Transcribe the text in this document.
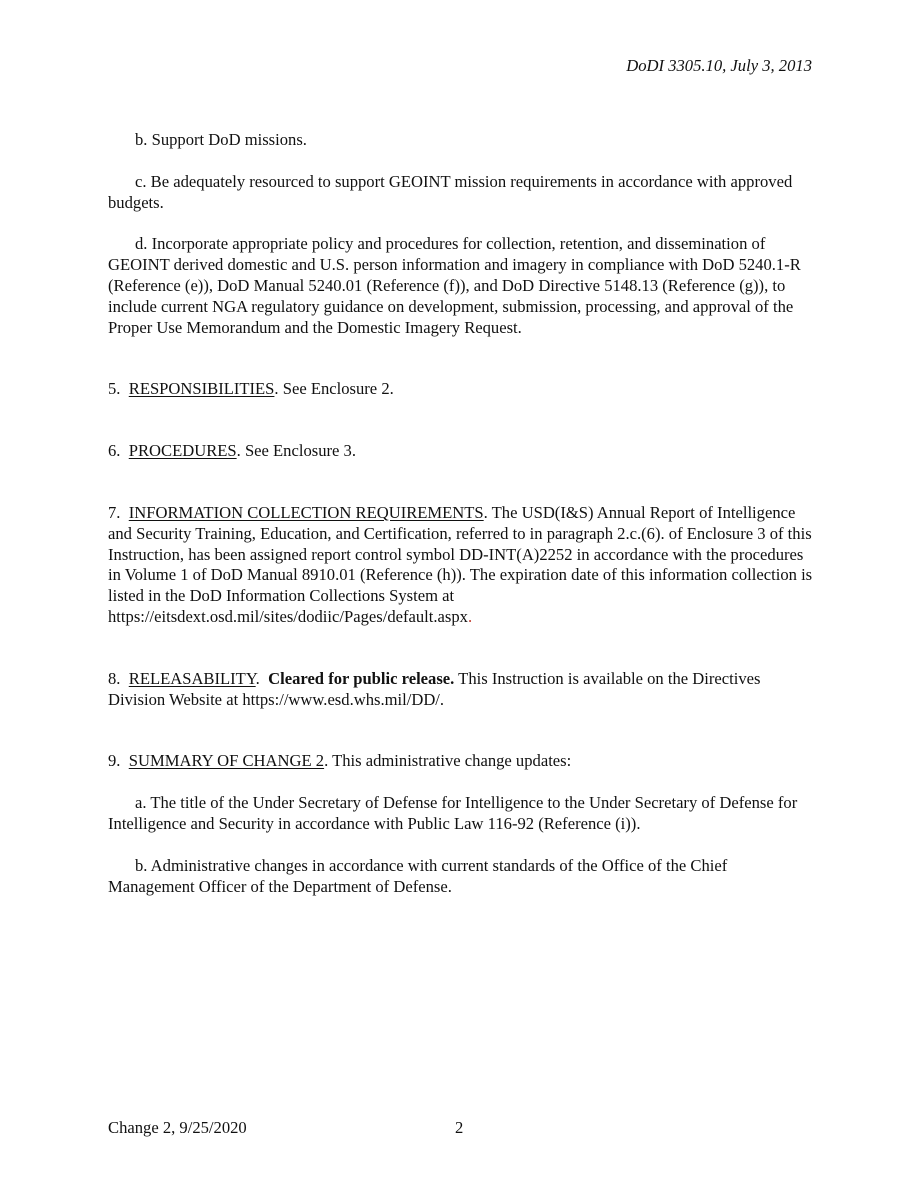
DoDI 3305.10, July 3, 2013

b. Support DoD missions.

c. Be adequately resourced to support GEOINT mission requirements in accordance with approved budgets.

d. Incorporate appropriate policy and procedures for collection, retention, and dissemination of GEOINT derived domestic and U.S. person information and imagery in compliance with DoD 5240.1-R (Reference (e)), DoD Manual 5240.01 (Reference (f)), and DoD Directive 5148.13 (Reference (g)), to include current NGA regulatory guidance on development, submission, processing, and approval of the Proper Use Memorandum and the Domestic Imagery Request.

5. RESPONSIBILITIES. See Enclosure 2.

6. PROCEDURES. See Enclosure 3.

7. INFORMATION COLLECTION REQUIREMENTS. The USD(I&S) Annual Report of Intelligence and Security Training, Education, and Certification, referred to in paragraph 2.c.(6). of Enclosure 3 of this Instruction, has been assigned report control symbol DD-INT(A)2252 in accordance with the procedures in Volume 1 of DoD Manual 8910.01 (Reference (h)). The expiration date of this information collection is listed in the DoD Information Collections System at https://eitsdext.osd.mil/sites/dodiic/Pages/default.aspx.

8. RELEASABILITY.  Cleared for public release. This Instruction is available on the Directives Division Website at https://www.esd.whs.mil/DD/.

9. SUMMARY OF CHANGE 2. This administrative change updates:

a. The title of the Under Secretary of Defense for Intelligence to the Under Secretary of Defense for Intelligence and Security in accordance with Public Law 116-92 (Reference (i)).

b. Administrative changes in accordance with current standards of the Office of the Chief Management Officer of the Department of Defense.

Change 2, 9/25/2020	2
